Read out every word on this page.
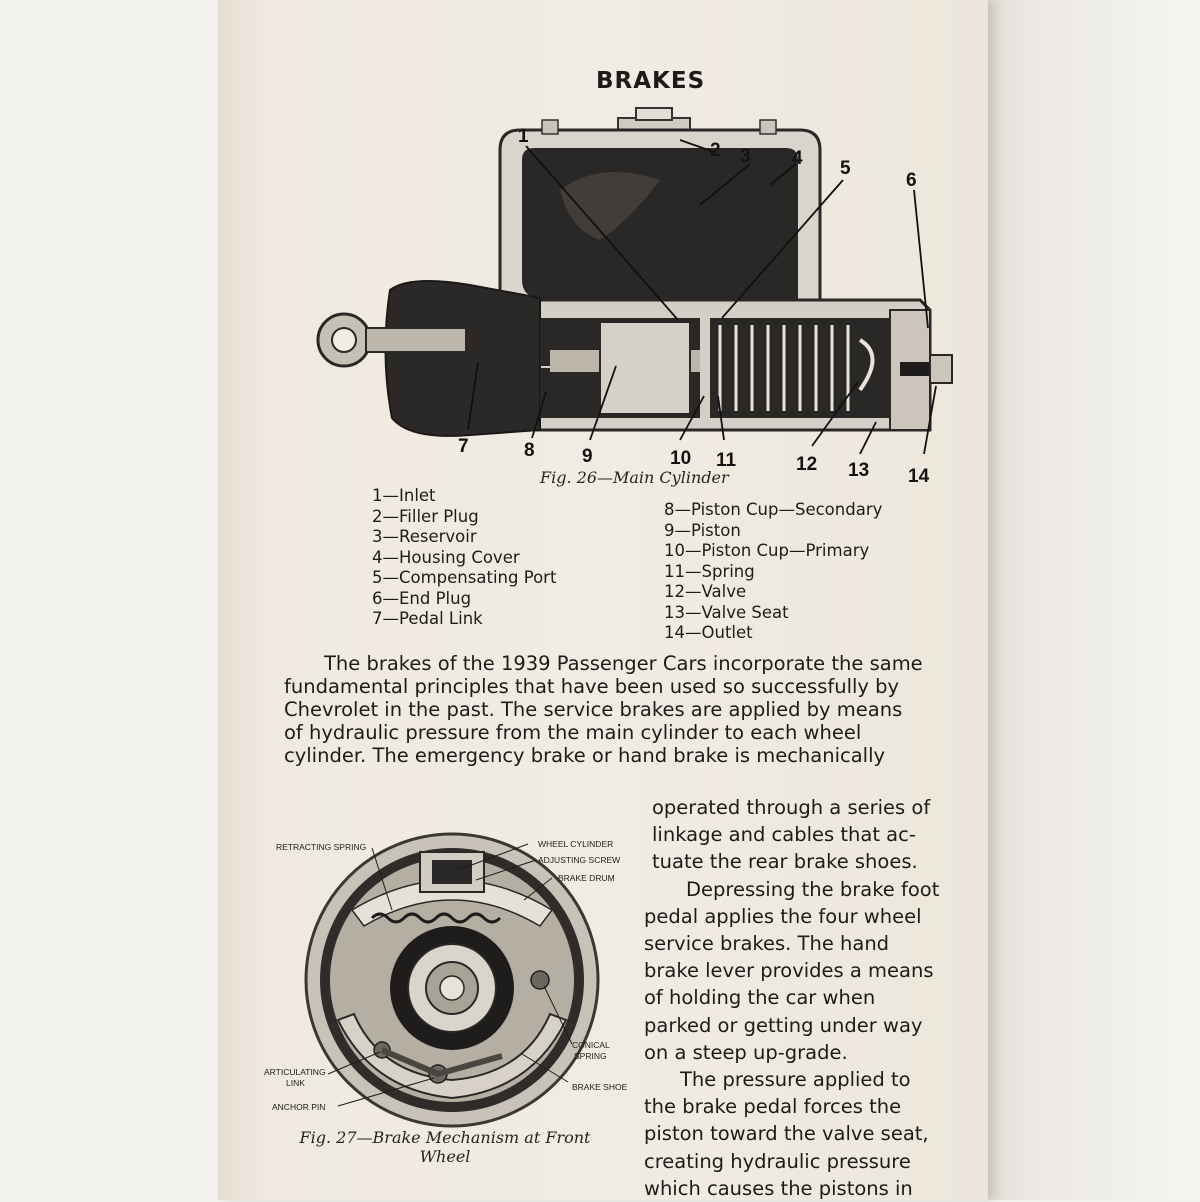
BRAKES
1
2 3 4 5
6
7	8 9	10 11	12 13 14
Fig. 26—Main Cylinder
1—Inlet
2—Filler Plug
3—Reservoir
4—Housing Cover
5—Compensating Port
6—End Plug
7—Pedal Link
8—Piston Cup—Secondary
9—Piston
10—Piston Cup—Primary
11—Spring
12—Valve
13—Valve Seat
14—Outlet

The brakes of the 1939 Passenger Cars incorporate the same

fundamental principles that have been used so successfully by

Chevrolet in the past. The service brakes are applied by means

of hydraulic pressure from the main cylinder to each wheel

cylinder. The emergency brake or hand brake is mechanically

operated through a series of

linkage and cables that ac-

tuate the rear brake shoes.

Depressing the brake foot

pedal applies the four wheel

service brakes. The hand

brake lever provides a means

of holding the car when

parked or getting under way

on a steep up-grade.

The pressure applied to

the brake pedal forces the

piston toward the valve seat,

creating hydraulic pressure

which causes the pistons in

RETRACTING SPRING	WHEEL CYLINDER
ADJUSTING SCREW
BRAKE DRUM
CONICAL
SPRING
ARTICULATING
LINK	BRAKE SHOE
ANCHOR PIN
Fig. 27—Brake Mechanism at Front
Wheel
